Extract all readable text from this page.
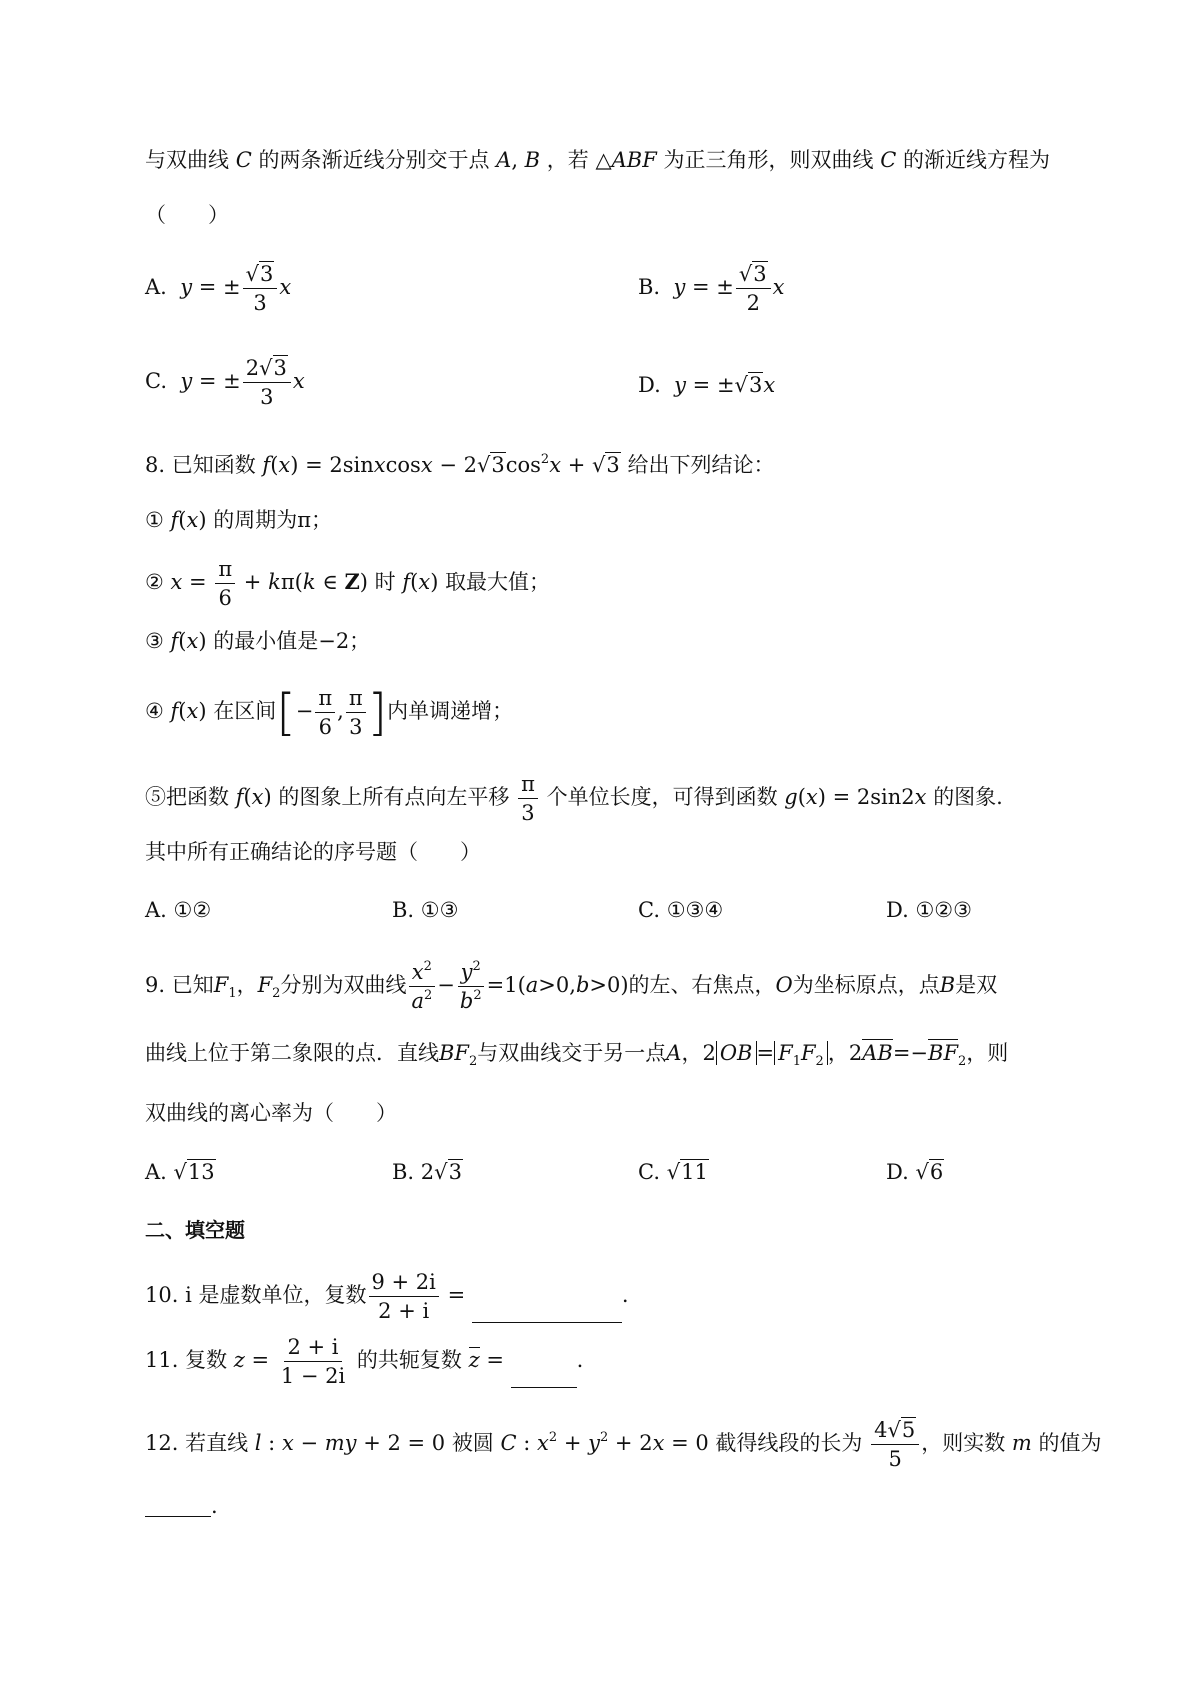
与双曲线 C 的两条渐近线分别交于点 A, B ，若 △ABF 为正三角形，则双曲线 C 的渐近线方程为
（　　）
A. y = ± $\frac{√3}{3}$ x	B. y = ± $\frac{√3}{2}$ x
C. y = ± $\frac{2√3}{3}$ x	D. y = ±√3x
8. 已知函数 f(x) = 2sinxcosx − $2√3\cos^2x + √3$ 给出下列结论：
① f(x) 的周期为π；
② $x = \frac{\pi}{6} + k\pi(k$ ∈ Z) 时 f(x) 取最大值；
③ f(x) 的最小值是−2；
④ f(x) 在区间[− $\frac{\pi}{6}$ , $\frac{\pi}{3}$ ]内单调递增；
⑤把函数 f(x) 的图象上所有点向左平移 $\frac{\pi}{3}$ 个单位长度，可得到函数 g(x) = 2sin2x 的图象.
其中所有正确结论的序号题（　　）
A. ①②	B. ①③	C. ①③④	D. ①②③
9. 已知$F_1$，$F_2$分别为双曲线 $\frac{x^2}{a^2} - \frac{y^2}{b^2} =1(a>0,b>0)$的左、右焦点，O为坐标原点，点B是双
曲线上位于第二象限的点．直线$BF_2$与双曲线交于另一点A，2 OB = $F_1F_2$ ，$2AB=-BF_2$，则
双曲线的离心率为（　　）
A. √13	B. 2√3	C. √11	D. √6
二、填空题
10. i 是虚数单位，复数 $\frac{9 + 2i}{2 + i}$ =	.
11. 复数 $z = \frac{2 + i}{1 - 2i}$ 的共轭复数 z =	.
12. 若直线 l : x − my + 2 = 0 被圆 C : $x^2 + y^2 + 2x = 0$ 截得线段的长为 $\frac{4√5}{5}$ ，则实数 m 的值为
.
